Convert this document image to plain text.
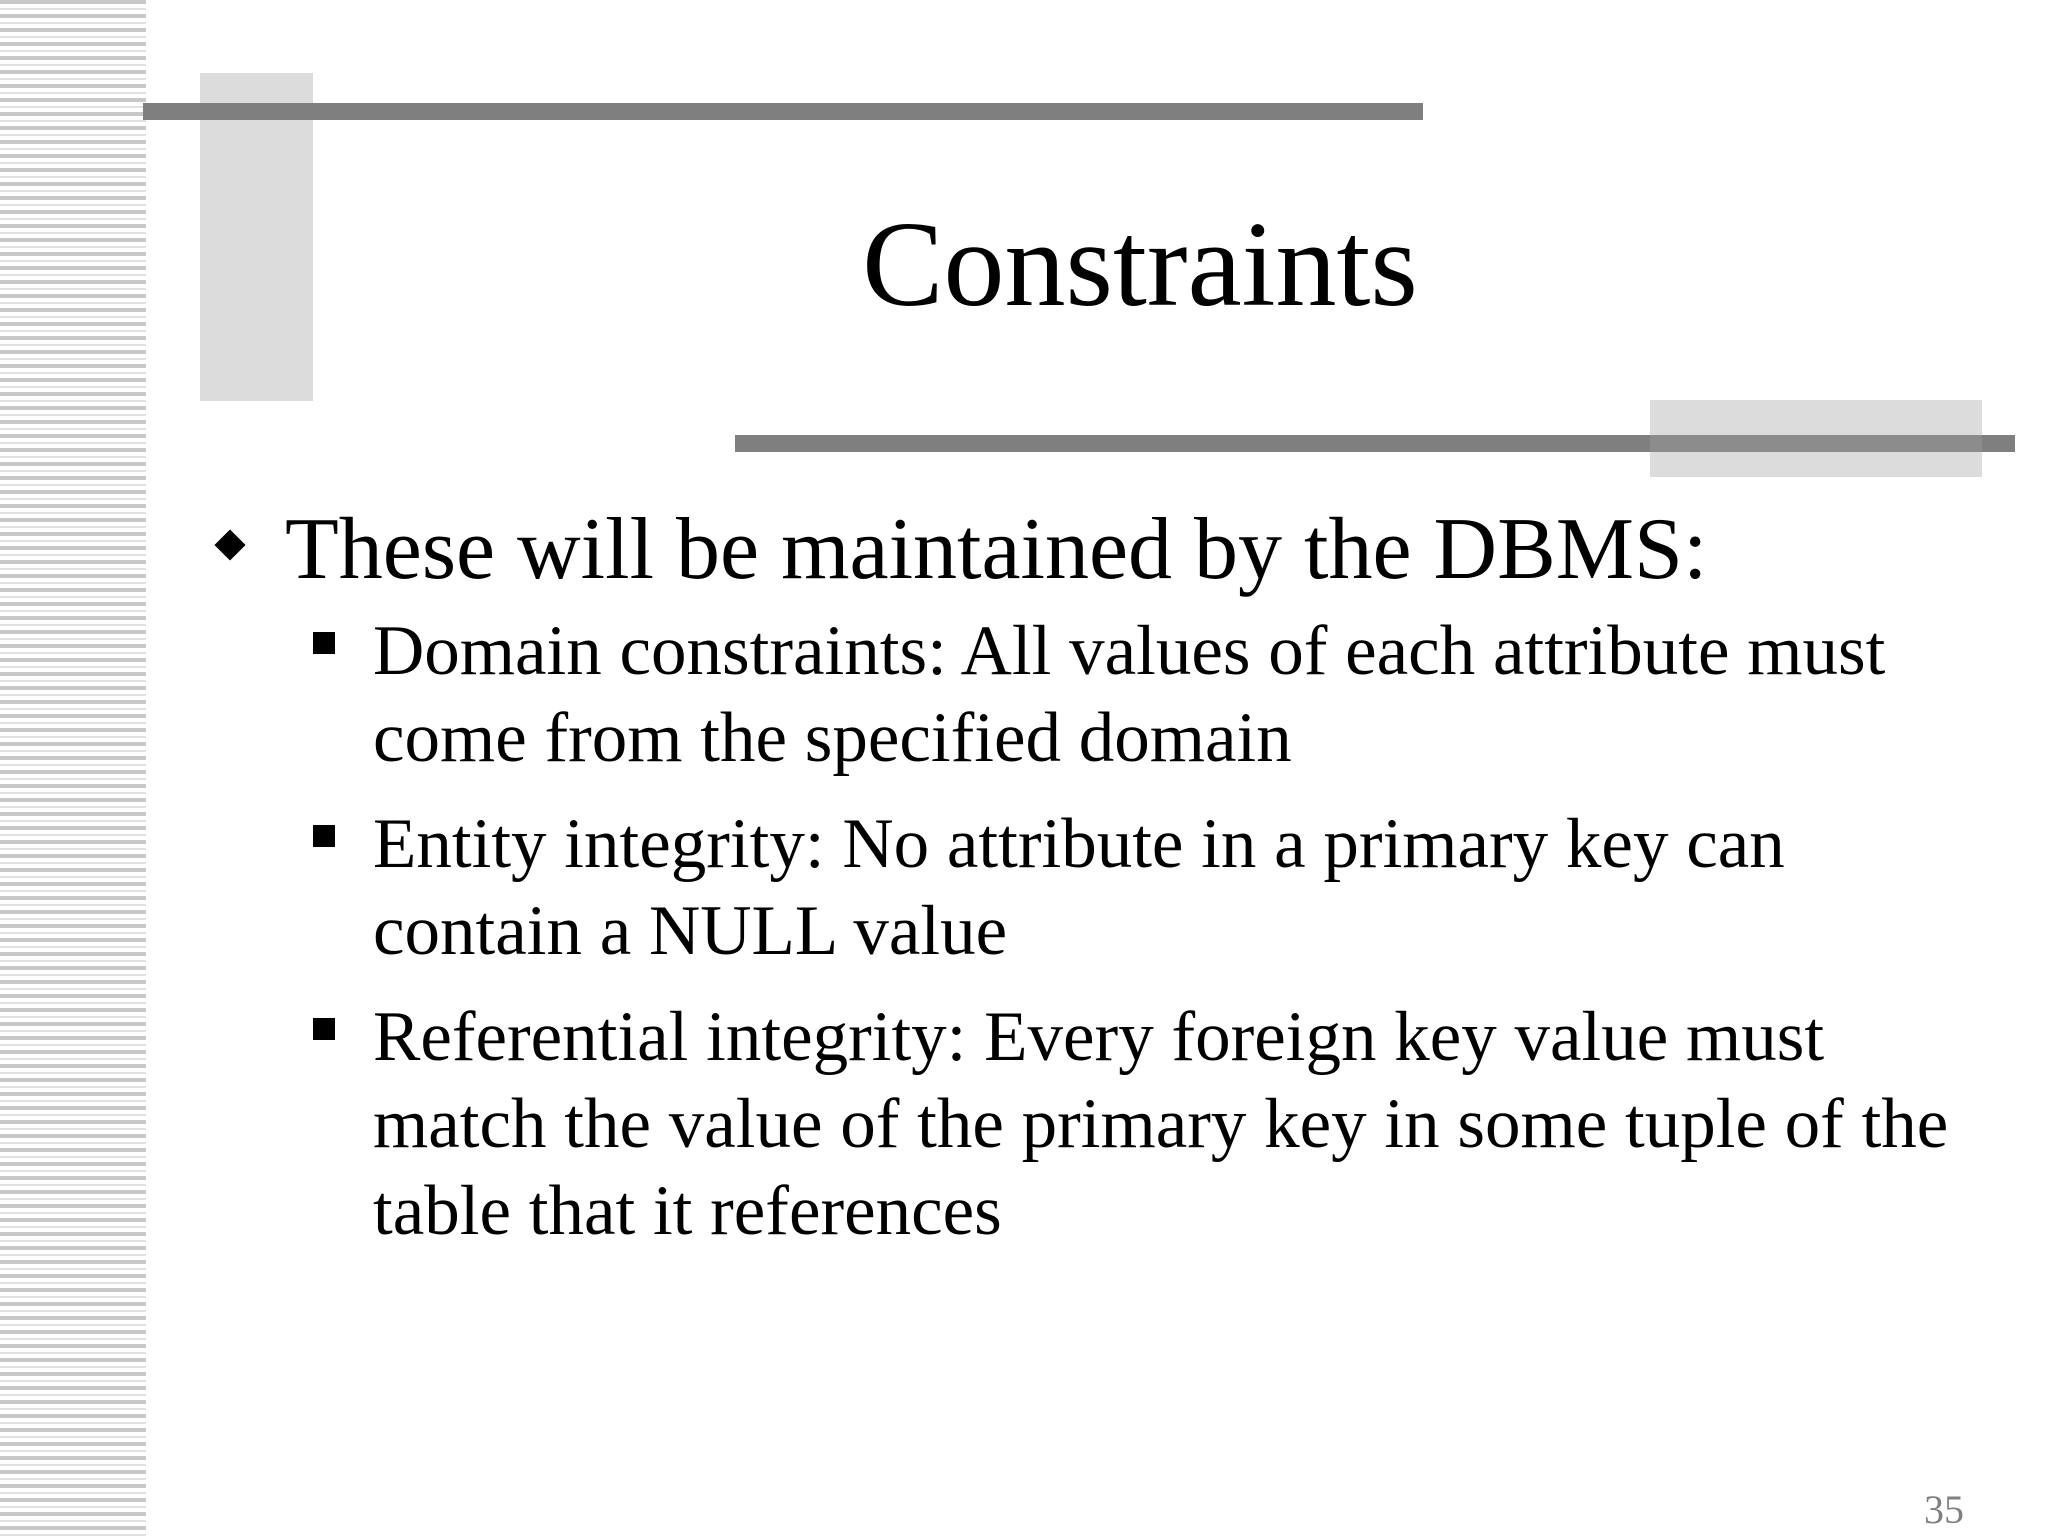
Constraints
These will be maintained by the DBMS:
Domain constraints: All values of each attribute must come from the specified domain
Entity integrity: No attribute in a primary key can contain a NULL value
Referential integrity: Every foreign key value must match the value of the primary key in some tuple of the table that it references
35
